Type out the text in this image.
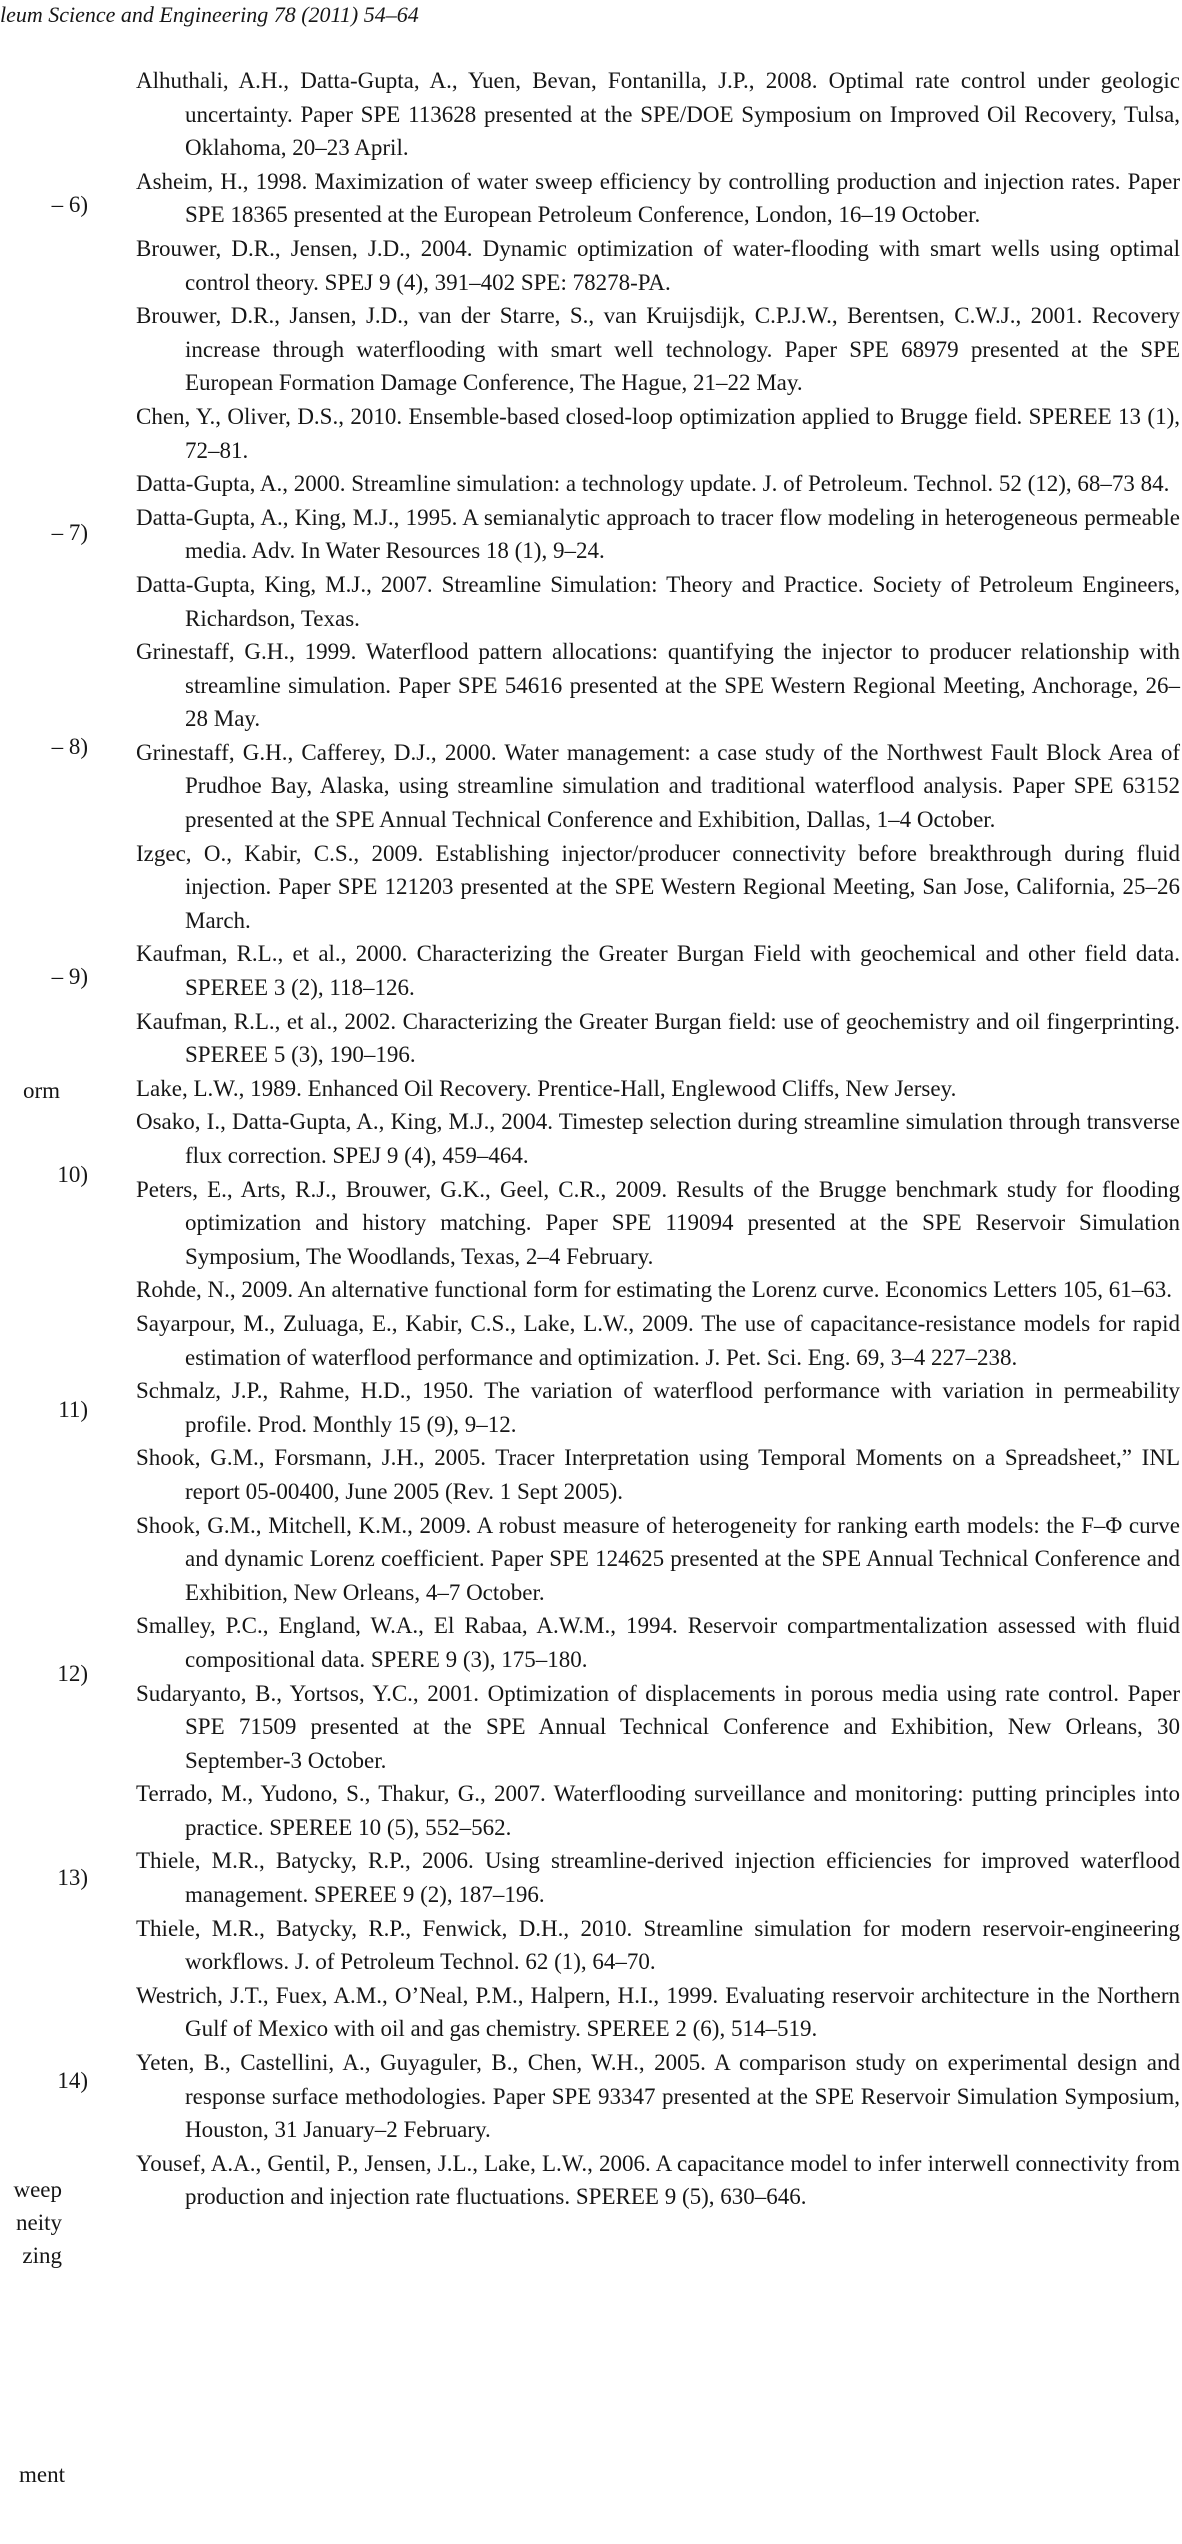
leum Science and Engineering 78 (2011) 54–64
– 6)
– 7)
– 8)
– 9)
orm
10)
11)
12)
13)
14)
weep
neity
zing
ment

Alhuthali, A.H., Datta-Gupta, A., Yuen, Bevan, Fontanilla, J.P., 2008. Optimal rate control under geologic uncertainty. Paper SPE 113628 presented at the SPE/DOE Symposium on Improved Oil Recovery, Tulsa, Oklahoma, 20–23 April.

Asheim, H., 1998. Maximization of water sweep efficiency by controlling production and injection rates. Paper SPE 18365 presented at the European Petroleum Conference, London, 16–19 October.

Brouwer, D.R., Jensen, J.D., 2004. Dynamic optimization of water-flooding with smart wells using optimal control theory. SPEJ 9 (4), 391–402 SPE: 78278-PA.

Brouwer, D.R., Jansen, J.D., van der Starre, S., van Kruijsdijk, C.P.J.W., Berentsen, C.W.J., 2001. Recovery increase through waterflooding with smart well technology. Paper SPE 68979 presented at the SPE European Formation Damage Conference, The Hague, 21–22 May.

Chen, Y., Oliver, D.S., 2010. Ensemble-based closed-loop optimization applied to Brugge field. SPEREE 13 (1), 72–81.

Datta-Gupta, A., 2000. Streamline simulation: a technology update. J. of Petroleum. Technol. 52 (12), 68–73 84.

Datta-Gupta, A., King, M.J., 1995. A semianalytic approach to tracer flow modeling in heterogeneous permeable media. Adv. In Water Resources 18 (1), 9–24.

Datta-Gupta, King, M.J., 2007. Streamline Simulation: Theory and Practice. Society of Petroleum Engineers, Richardson, Texas.

Grinestaff, G.H., 1999. Waterflood pattern allocations: quantifying the injector to producer relationship with streamline simulation. Paper SPE 54616 presented at the SPE Western Regional Meeting, Anchorage, 26–28 May.

Grinestaff, G.H., Cafferey, D.J., 2000. Water management: a case study of the Northwest Fault Block Area of Prudhoe Bay, Alaska, using streamline simulation and traditional waterflood analysis. Paper SPE 63152 presented at the SPE Annual Technical Conference and Exhibition, Dallas, 1–4 October.

Izgec, O., Kabir, C.S., 2009. Establishing injector/producer connectivity before breakthrough during fluid injection. Paper SPE 121203 presented at the SPE Western Regional Meeting, San Jose, California, 25–26 March.

Kaufman, R.L., et al., 2000. Characterizing the Greater Burgan Field with geochemical and other field data. SPEREE 3 (2), 118–126.

Kaufman, R.L., et al., 2002. Characterizing the Greater Burgan field: use of geochemistry and oil fingerprinting. SPEREE 5 (3), 190–196.

Lake, L.W., 1989. Enhanced Oil Recovery. Prentice-Hall, Englewood Cliffs, New Jersey.

Osako, I., Datta-Gupta, A., King, M.J., 2004. Timestep selection during streamline simulation through transverse flux correction. SPEJ 9 (4), 459–464.

Peters, E., Arts, R.J., Brouwer, G.K., Geel, C.R., 2009. Results of the Brugge benchmark study for flooding optimization and history matching. Paper SPE 119094 presented at the SPE Reservoir Simulation Symposium, The Woodlands, Texas, 2–4 February.

Rohde, N., 2009. An alternative functional form for estimating the Lorenz curve. Economics Letters 105, 61–63.

Sayarpour, M., Zuluaga, E., Kabir, C.S., Lake, L.W., 2009. The use of capacitance-resistance models for rapid estimation of waterflood performance and optimization. J. Pet. Sci. Eng. 69, 3–4 227–238.

Schmalz, J.P., Rahme, H.D., 1950. The variation of waterflood performance with variation in permeability profile. Prod. Monthly 15 (9), 9–12.

Shook, G.M., Forsmann, J.H., 2005. Tracer Interpretation using Temporal Moments on a Spreadsheet,” INL report 05-00400, June 2005 (Rev. 1 Sept 2005).

Shook, G.M., Mitchell, K.M., 2009. A robust measure of heterogeneity for ranking earth models: the F–Φ curve and dynamic Lorenz coefficient. Paper SPE 124625 presented at the SPE Annual Technical Conference and Exhibition, New Orleans, 4–7 October.

Smalley, P.C., England, W.A., El Rabaa, A.W.M., 1994. Reservoir compartmentalization assessed with fluid compositional data. SPERE 9 (3), 175–180.

Sudaryanto, B., Yortsos, Y.C., 2001. Optimization of displacements in porous media using rate control. Paper SPE 71509 presented at the SPE Annual Technical Conference and Exhibition, New Orleans, 30 September-3 October.

Terrado, M., Yudono, S., Thakur, G., 2007. Waterflooding surveillance and monitoring: putting principles into practice. SPEREE 10 (5), 552–562.

Thiele, M.R., Batycky, R.P., 2006. Using streamline-derived injection efficiencies for improved waterflood management. SPEREE 9 (2), 187–196.

Thiele, M.R., Batycky, R.P., Fenwick, D.H., 2010. Streamline simulation for modern reservoir-engineering workflows. J. of Petroleum Technol. 62 (1), 64–70.

Westrich, J.T., Fuex, A.M., O’Neal, P.M., Halpern, H.I., 1999. Evaluating reservoir architecture in the Northern Gulf of Mexico with oil and gas chemistry. SPEREE 2 (6), 514–519.

Yeten, B., Castellini, A., Guyaguler, B., Chen, W.H., 2005. A comparison study on experimental design and response surface methodologies. Paper SPE 93347 presented at the SPE Reservoir Simulation Symposium, Houston, 31 January–2 February.

Yousef, A.A., Gentil, P., Jensen, J.L., Lake, L.W., 2006. A capacitance model to infer interwell connectivity from production and injection rate fluctuations. SPEREE 9 (5), 630–646.
